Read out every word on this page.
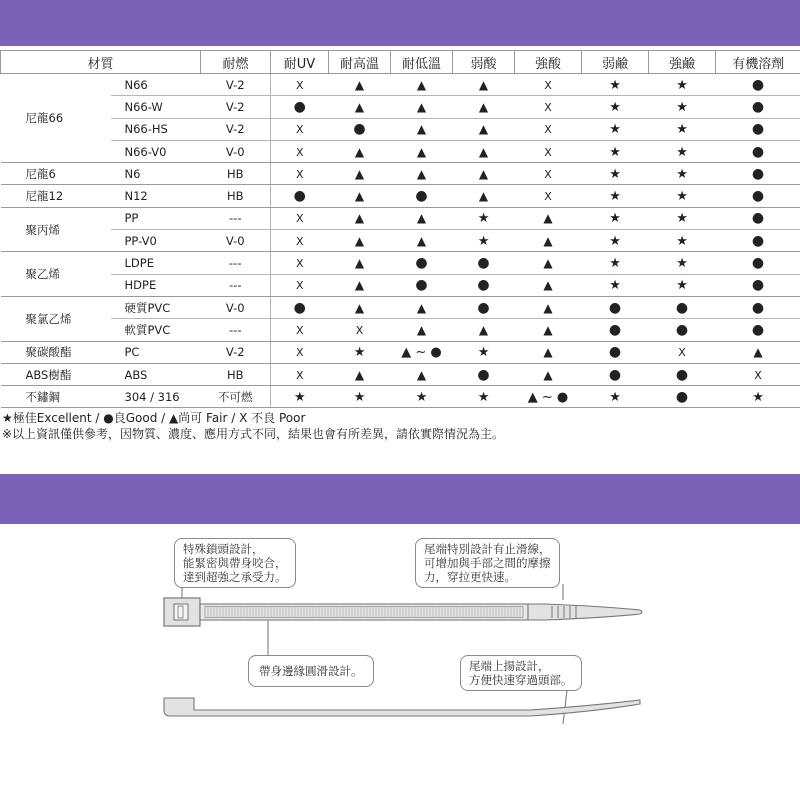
材質		耐燃	耐UV	耐高溫	耐低溫	弱酸	強酸	弱鹼	強鹼	有機溶劑
尼龍66	N66	V-2	X	▲	▲	▲	X	★	★	●
	N66-W	V-2	●	▲	▲	▲	X	★	★	●
	N66-HS	V-2	X	●	▲	▲	X	★	★	●
	N66-V0	V-0	X	▲	▲	▲	X	★	★	●
尼龍6	N6	HB	X	▲	▲	▲	X	★	★	●
尼龍12	N12	HB	●	▲	●	▲	X	★	★	●
聚丙烯	PP	---	X	▲	▲	★	▲	★	★	●
	PP-V0	V-0	X	▲	▲	★	▲	★	★	●
聚乙烯	LDPE	---	X	▲	●	●	▲	★	★	●
	HDPE	---	X	▲	●	●	▲	★	★	●
聚氯乙烯	硬質PVC	V-0	●	▲	▲	●	▲	●	●	●
	軟質PVC	---	X	X	▲	▲	▲	●	●	●
聚碳酸酯	PC	V-2	X	★	▲ ~ ●	★	▲	●	X	▲
ABS樹酯	ABS	HB	X	▲	▲	●	▲	●	●	X
不鏽鋼	304 / 316	不可燃	★	★	★	★	▲ ~ ●	★	●	★
★極佳Excellent / ●良Good / ▲尚可 Fair / X 不良 Poor
※以上資訊僅供參考，因物質、濃度、應用方式不同，結果也會有所差異，請依實際情況為主。
特殊鎖頭設計，
能緊密與帶身咬合，
達到超強之承受力。
尾端特別設計有止滑線，
可增加與手部之間的摩擦
力，穿拉更快速。
帶身邊緣圓滑設計。	尾端上揚設計，
方便快速穿過頭部。
